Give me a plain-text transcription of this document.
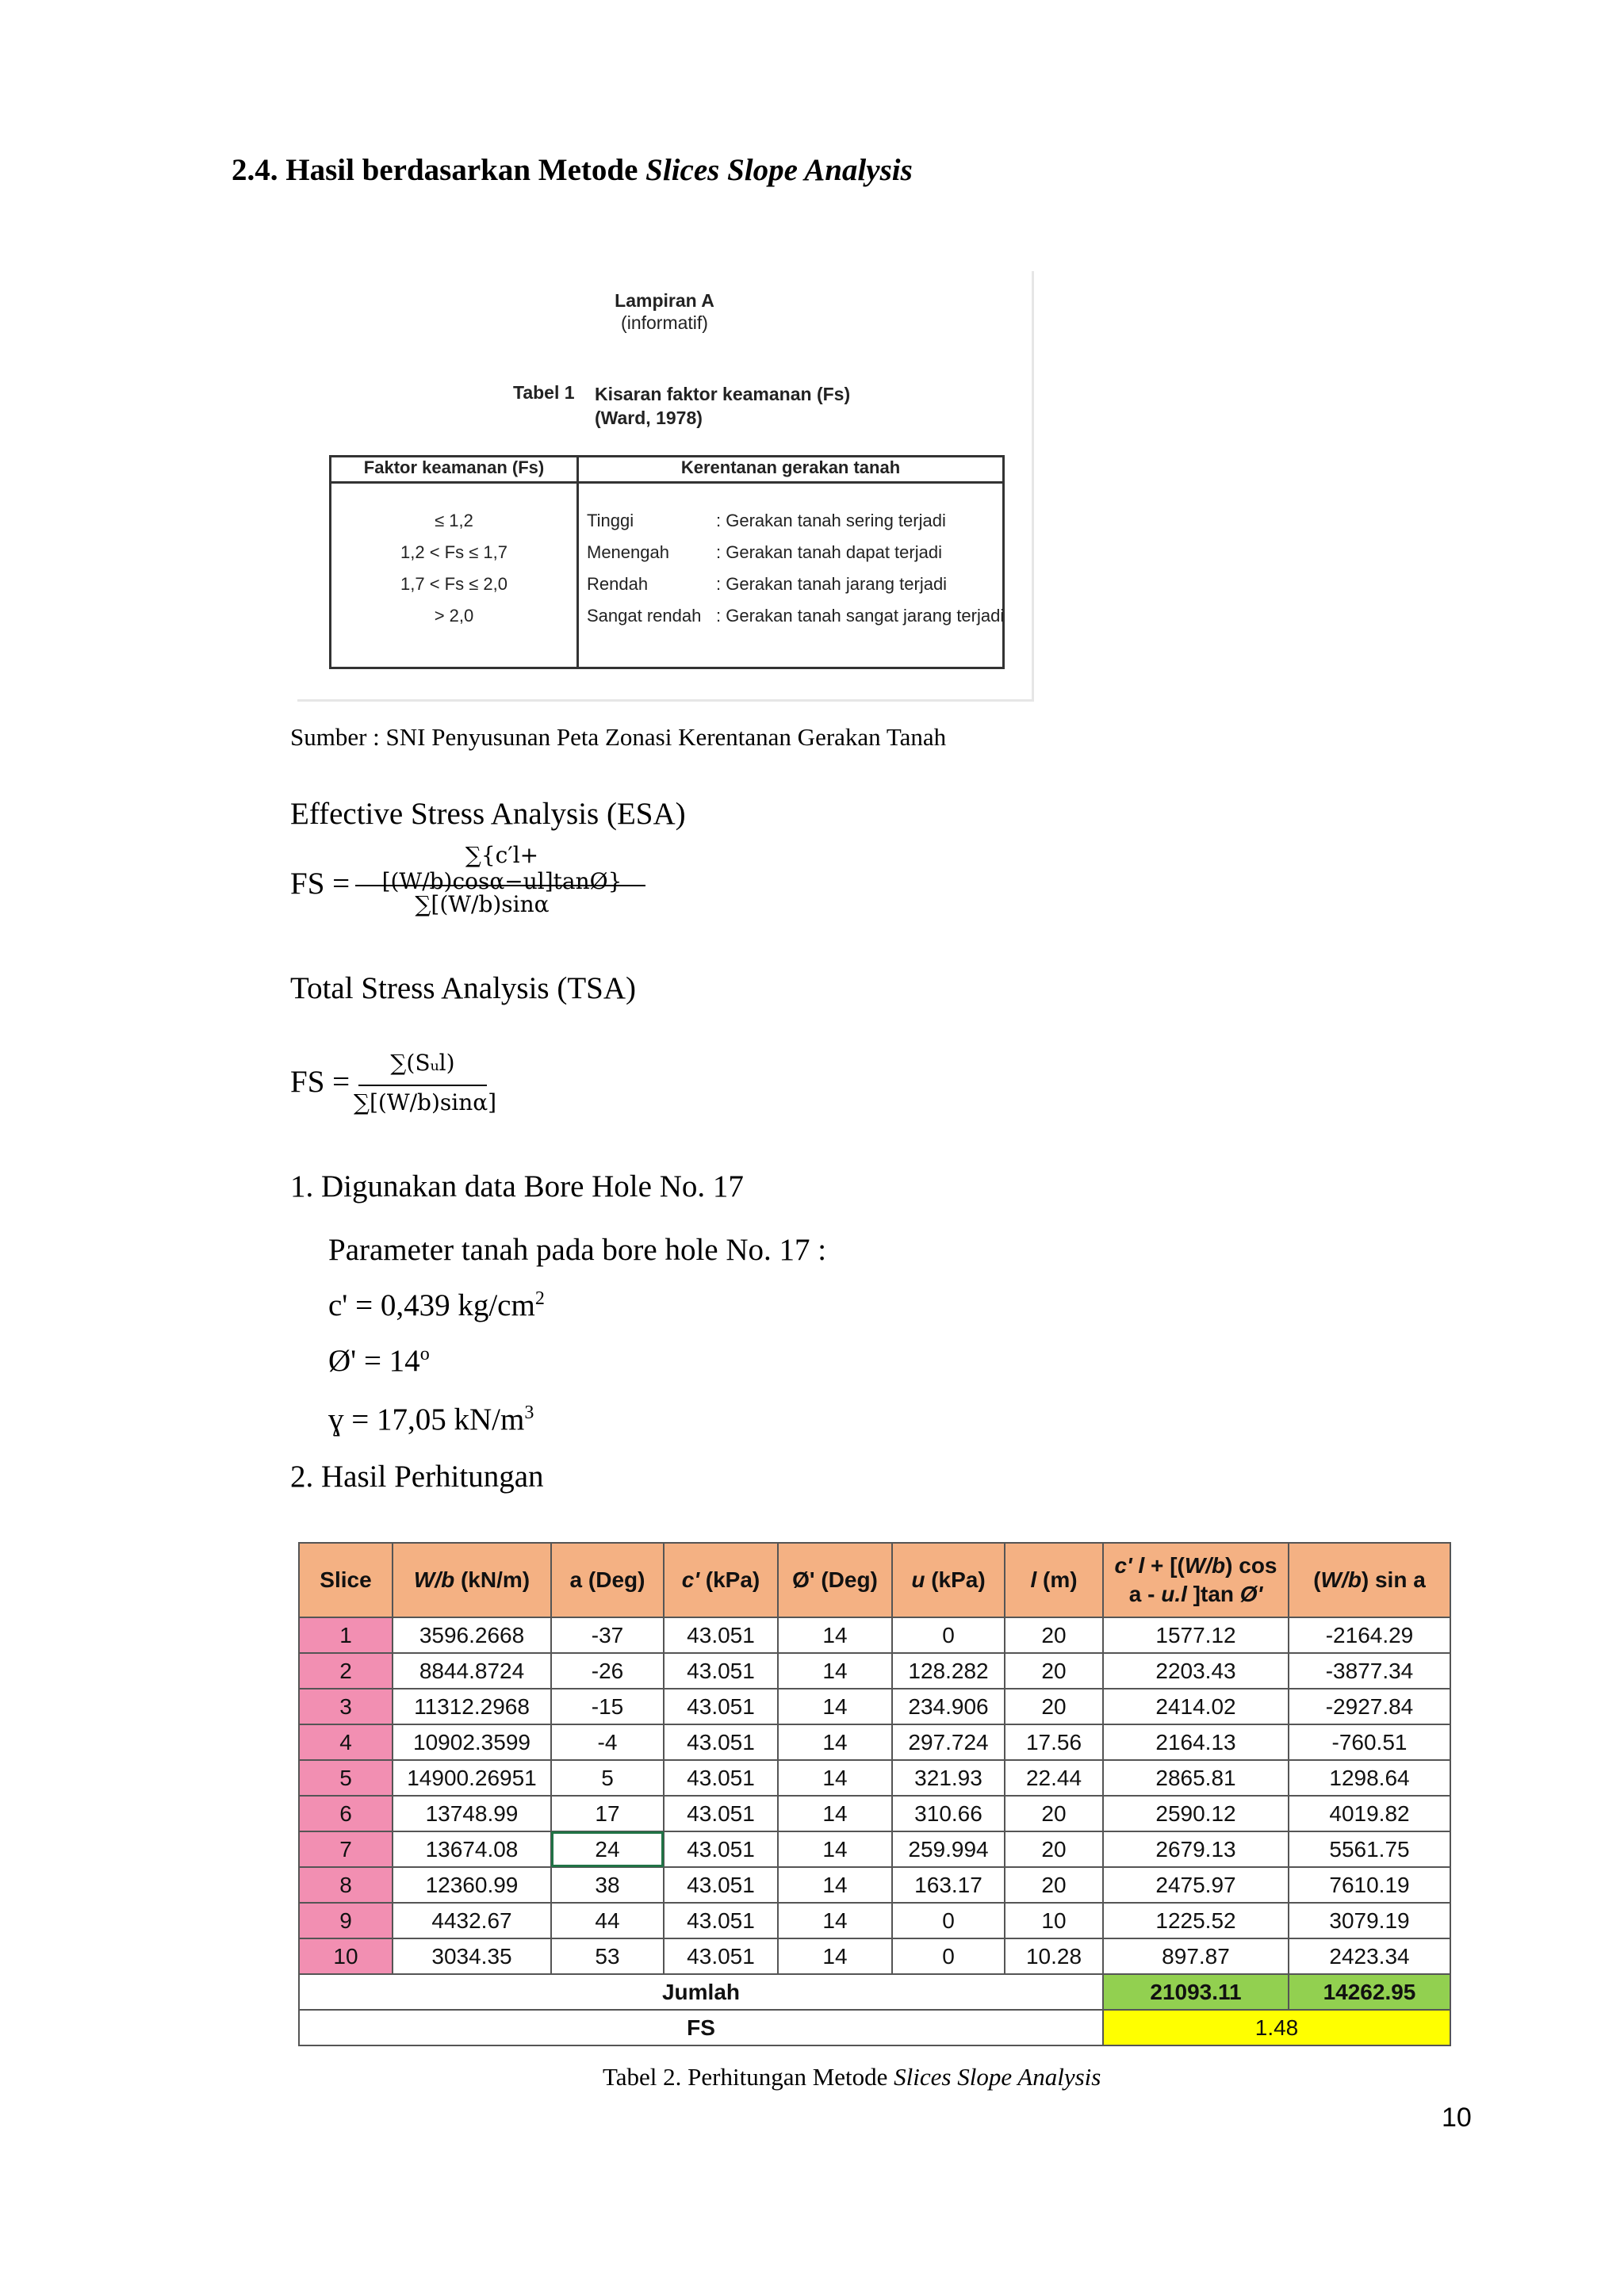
2.4. Hasil berdasarkan Metode Slices Slope Analysis
Lampiran A
(informatif)
Tabel 1 Kisaran faktor keamanan (Fs)
(Ward, 1978)
Faktor keamanan (Fs)	Kerentanan gerakan tanah
≤ 1,2	Tinggi	: Gerakan tanah sering terjadi
1,2 < Fs ≤ 1,7	Menengah	: Gerakan tanah dapat terjadi
1,7 < Fs ≤ 2,0	Rendah	: Gerakan tanah jarang terjadi
> 2,0	Sangat rendah : Gerakan tanah sangat jarang terjadi
Sumber : SNI Penyusunan Peta Zonasi Kerentanan Gerakan Tanah
Effective Stress Analysis (ESA)
FS =
∑{c′l+[(W/b)cosα−ul]tanØ}
∑[(W/b)sinα
Total Stress Analysis (TSA)
FS =
∑(Sᵤl)
∑[(W/b)sinα]
1. Digunakan data Bore Hole No. 17
Parameter tanah pada bore hole No. 17 :
c' = 0,439 $kg/cm^2$
Ø' = $14^o$
ɣ = 17,05 $kN/m^3$
2. Hasil Perhitungan
Slice	W/b (kN/m)	a (Deg)	c' (kPa)	Ø' (Deg)	u (kPa)	l (m)	c' l + [(W/b) cos
a - u.l ]tan Ø'	(W/b) sin a
1	3596.2668	-37	43.051	14	0	20	1577.12	-2164.29
2	8844.8724	-26	43.051	14	128.282	20	2203.43	-3877.34
3	11312.2968	-15	43.051	14	234.906	20	2414.02	-2927.84
4	10902.3599	-4	43.051	14	297.724	17.56	2164.13	-760.51
5	14900.26951	5	43.051	14	321.93	22.44	2865.81	1298.64
6	13748.99	17	43.051	14	310.66	20	2590.12	4019.82
7	13674.08	24	43.051	14	259.994	20	2679.13	5561.75
8	12360.99	38	43.051	14	163.17	20	2475.97	7610.19
9	4432.67	44	43.051	14	0	10	1225.52	3079.19
10	3034.35	53	43.051	14	0	10.28	897.87	2423.34
Jumlah							21093.11	14262.95
FS							1.48	
Tabel 2. Perhitungan Metode Slices Slope Analysis
10
